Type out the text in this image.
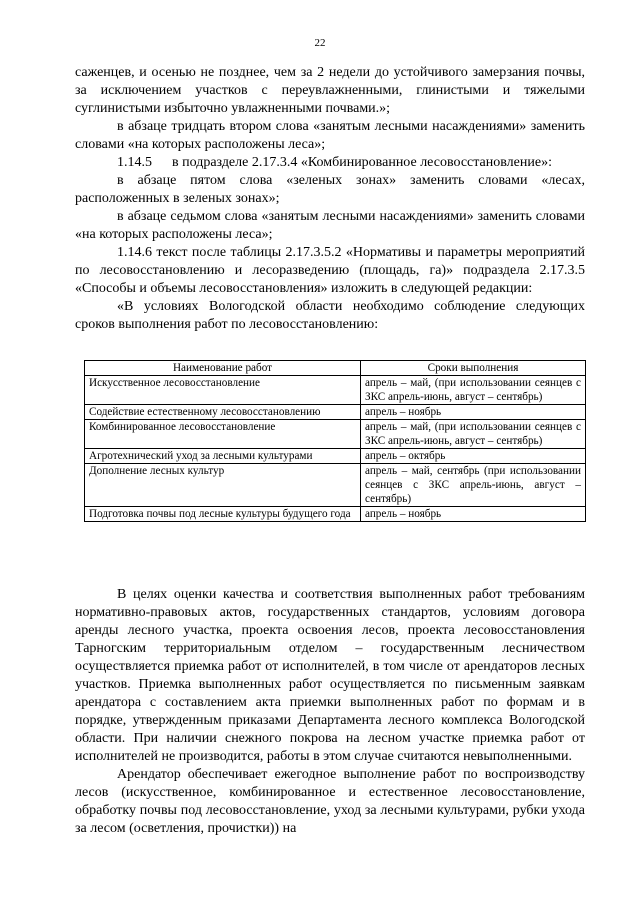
22

саженцев, и осенью не позднее, чем за 2 недели до устойчивого замерзания почвы, за исключением участков с переувлажненными, глинистыми и тяжелыми суглинистыми избыточно увлажненными почвами.»;

в абзаце тридцать втором слова «занятым лесными насаждениями» заменить словами «на которых расположены леса»;

1.14.5 в подразделе 2.17.3.4 «Комбинированное лесовосстановление»:

в абзаце пятом слова «зеленых зонах» заменить словами «лесах, расположенных в зеленых зонах»;

в абзаце седьмом слова «занятым лесными насаждениями» заменить словами «на которых расположены леса»;

1.14.6 текст после таблицы 2.17.3.5.2 «Нормативы и параметры мероприятий по лесовосстановлению и лесоразведению (площадь, га)» подраздела 2.17.3.5 «Способы и объемы лесовосстановления» изложить в следующей редакции:

«В условиях Вологодской области необходимо соблюдение следующих сроков выполнения работ по лесовосстановлению:

Наименование работ	Сроки выполнения
Искусственное лесовосстановление	апрель – май, (при использовании сеянцев с ЗКС апрель-июнь, август – сентябрь)
Содействие естественному лесовосстановлению	апрель – ноябрь
Комбинированное лесовосстановление	апрель – май, (при использовании сеянцев с ЗКС апрель-июнь, август – сентябрь)
Агротехнический уход за лесными культурами	апрель – октябрь
Дополнение лесных культур	апрель – май, сентябрь (при использовании сеянцев с ЗКС апрель-июнь, август – сентябрь)
Подготовка почвы под лесные культуры будущего года	апрель – ноябрь

В целях оценки качества и соответствия выполненных работ требованиям нормативно-правовых актов, государственных стандартов, условиям договора аренды лесного участка, проекта освоения лесов, проекта лесовосстановления Тарногским территориальным отделом – государственным лесничеством осуществляется приемка работ от исполнителей, в том числе от арендаторов лесных участков. Приемка выполненных работ осуществляется по письменным заявкам арендатора с составлением акта приемки выполненных работ по формам и в порядке, утвержденным приказами Департамента лесного комплекса Вологодской области. При наличии снежного покрова на лесном участке приемка работ от исполнителей не производится, работы в этом случае считаются невыполненными.

Арендатор обеспечивает ежегодное выполнение работ по воспроизводству лесов (искусственное, комбинированное и естественное лесовосстановление, обработку почвы под лесовосстановление, уход за лесными культурами, рубки ухода за лесом (осветления, прочистки)) на
